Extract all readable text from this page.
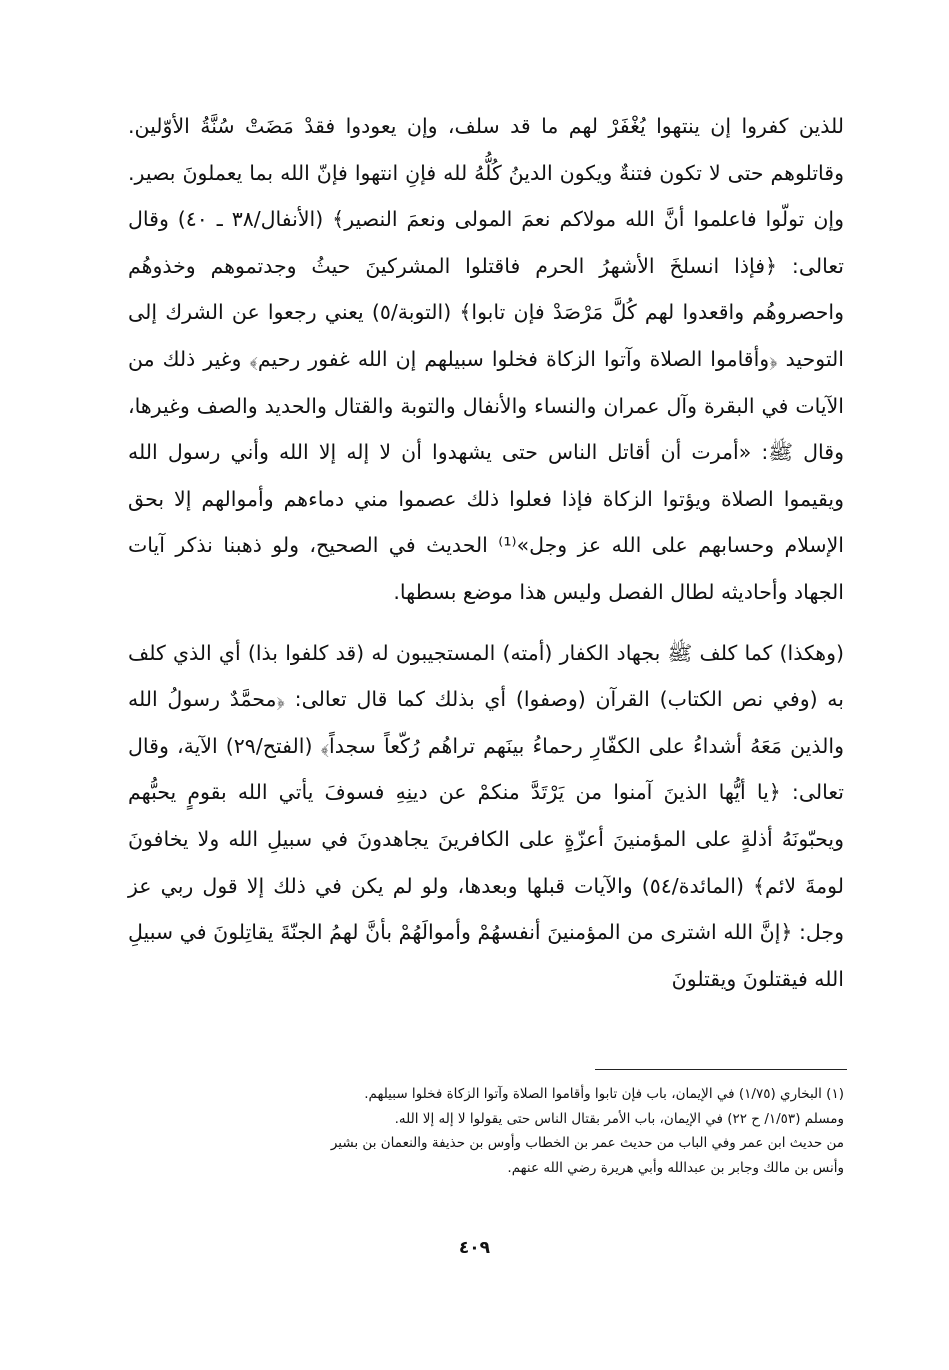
للذين كفروا إن ينتهوا يُغْفَرْ لهم ما قد سلف، وإن يعودوا فقدْ مَضَتْ سُنَّةُ الأوّلين. وقاتلوهم حتى لا تكون فتنةٌ ويكون الدينُ كُلُّهُ لله فإنِ انتهوا فإنّ الله بما يعملونَ بصير. وإن تولّوا فاعلموا أنَّ الله مولاكم نعمَ المولى ونعمَ النصير﴾ (الأنفال/٣٨ ـ ٤٠) وقال تعالى: ﴿فإذا انسلخَ الأشهرُ الحرم فاقتلوا المشركينَ حيثُ وجدتموهم وخذوهُم واحصروهُم واقعدوا لهم كُلَّ مَرْصَدْ فإن تابوا﴾ (التوبة/٥) يعني رجعوا عن الشرك إلى التوحيد ﴿وأقاموا الصلاة وآتوا الزكاة فخلوا سبيلهم إن الله غفور رحيم﴾ وغير ذلك من الآيات في البقرة وآل عمران والنساء والأنفال والتوبة والقتال والحديد والصف وغيرها، وقال ﷺ: «أمرت أن أقاتل الناس حتى يشهدوا أن لا إله إلا الله وأني رسول الله ويقيموا الصلاة ويؤتوا الزكاة فإذا فعلوا ذلك عصموا مني دماءهم وأموالهم إلا بحق الإسلام وحسابهم على الله عز وجل»⁽¹⁾ الحديث في الصحيح، ولو ذهبنا نذكر آيات الجهاد وأحاديثه لطال الفصل وليس هذا موضع بسطها.

(وهكذا) كما كلف ﷺ بجهاد الكفار (أمته) المستجيبون له (قد كلفوا بذا) أي الذي كلف به (وفي نص الكتاب) القرآن (وصفوا) أي بذلك كما قال تعالى: ﴿محمَّدٌ رسولُ الله والذين مَعَهُ أشداءُ على الكفّارِ رحماءُ بينَهم تراهُم رُكّعاً سجداً﴾ (الفتح/٢٩) الآية، وقال تعالى: ﴿يا أيُّها الذينَ آمنوا من يَرْتَدَّ منكمْ عن دينِهِ فسوفَ يأتي الله بقومٍ يحبُّهم ويحبّونَهُ أذلةٍ على المؤمنينَ أعزّةٍ على الكافرينَ يجاهدونَ في سبيلِ الله ولا يخافونَ لومةَ لائم﴾ (المائدة/٥٤) والآيات قبلها وبعدها، ولو لم يكن في ذلك إلا قول ربي عز وجل: ﴿إنَّ الله اشترى من المؤمنينَ أنفسهُمْ وأموالَهُمْ بأنَّ لهمُ الجنّةَ يقاتِلونَ في سبيلِ الله فيقتلونَ ويقتلونَ

(١) البخاري (١/٧٥) في الإيمان، باب فإن تابوا وأقاموا الصلاة وآتوا الزكاة فخلوا سبيلهم.

ومسلم (١/٥٣/ ح ٢٢) في الإيمان، باب الأمر بقتال الناس حتى يقولوا لا إله إلا الله.

من حديث ابن عمر وفي الباب من حديث عمر بن الخطاب وأوس بن حذيفة والنعمان بن بشير

وأنس بن مالك وجابر بن عبدالله وأبي هريرة رضي الله عنهم.

٤٠٩
